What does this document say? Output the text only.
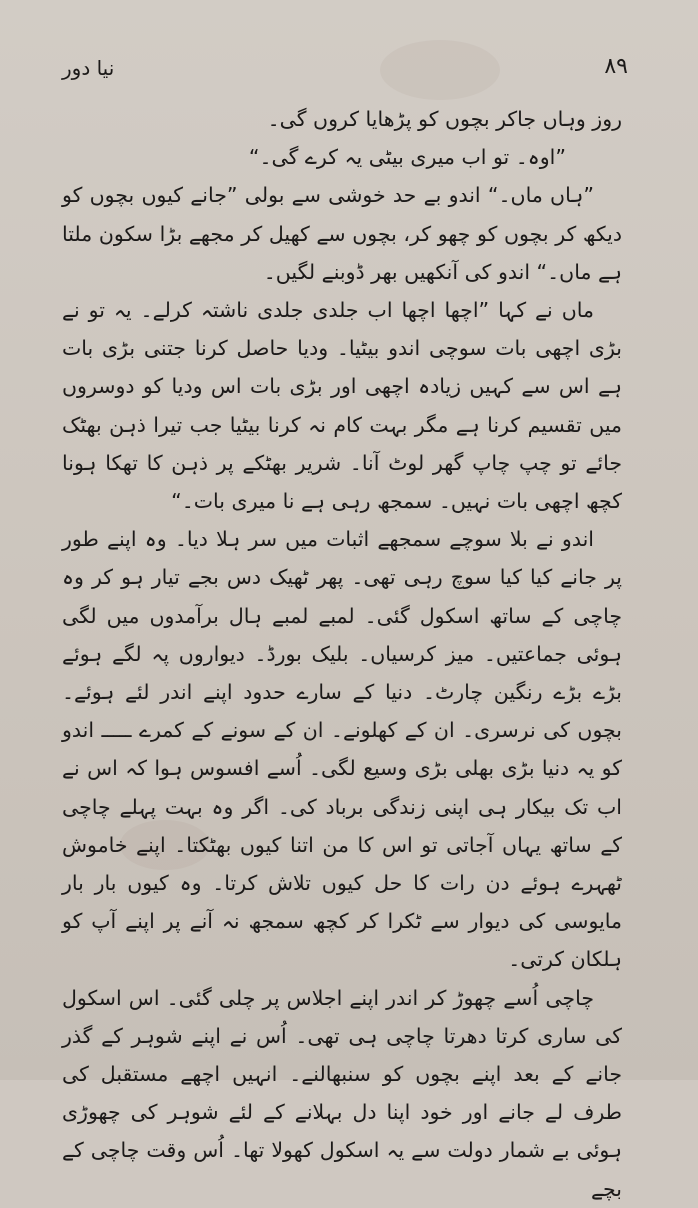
۸۹
نیا دور

روز وہاں جاکر بچوں کو پڑھایا کروں گی۔

”اوہ۔ تو اب میری بیٹی یہ کرے گی۔“

”ہاں ماں۔“ اندو بے حد خوشی سے بولی ”جانے کیوں بچوں کو دیکھ کر بچوں کو چھو کر، بچوں سے کھیل کر مجھے بڑا سکون ملتا ہے ماں۔“ اندو کی آنکھیں بھر ڈوبنے لگیں۔

ماں نے کہا ”اچھا اچھا اب جلدی جلدی ناشتہ کرلے۔ یہ تو نے بڑی اچھی بات سوچی اندو بیٹیا۔ ودیا حاصل کرنا جتنی بڑی بات ہے اس سے کہیں زیادہ اچھی اور بڑی بات اس ودیا کو دوسروں میں تقسیم کرنا ہے مگر بہت کام نہ کرنا بیٹیا جب تیرا ذہن بھٹک جائے تو چپ چاپ گھر لوٹ آنا۔ شریر بھٹکے پر ذہن کا تھکا ہونا کچھ اچھی بات نہیں۔ سمجھ رہی ہے نا میری بات۔“

اندو نے بلا سوچے سمجھے اثبات میں سر ہلا دیا۔ وہ اپنے طور پر جانے کیا کیا سوچ رہی تھی۔ پھر ٹھیک دس بجے تیار ہو کر وہ چاچی کے ساتھ اسکول گئی۔ لمبے لمبے ہال برآمدوں میں لگی ہوئی جماعتیں۔ میز کرسیاں۔ بلیک بورڈ۔ دیواروں پہ لگے ہوئے بڑے بڑے رنگین چارٹ۔ دنیا کے سارے حدود اپنے اندر لئے ہوئے۔ بچوں کی نرسری۔ ان کے کھلونے۔ ان کے سونے کے کمرے ـــــ اندو کو یہ دنیا بڑی بھلی بڑی وسیع لگی۔ اُسے افسوس ہوا کہ اس نے اب تک بیکار ہی اپنی زندگی برباد کی۔ اگر وہ بہت پہلے چاچی کے ساتھ یہاں آجاتی تو اس کا من اتنا کیوں بھٹکتا۔ اپنے خاموش ٹھہرے ہوئے دن رات کا حل کیوں تلاش کرتا۔ وہ کیوں بار بار مایوسی کی دیوار سے ٹکرا کر کچھ سمجھ نہ آنے پر اپنے آپ کو ہلکان کرتی۔

چاچی اُسے چھوڑ کر اندر اپنے اجلاس پر چلی گئی۔ اس اسکول کی ساری کرتا دھرتا چاچی ہی تھی۔ اُس نے اپنے شوہر کے گذر جانے کے بعد اپنے بچوں کو سنبھالنے۔ انہیں اچھے مستقبل کی طرف لے جانے اور خود اپنا دل بہلانے کے لئے شوہر کی چھوڑی ہوئی بے شمار دولت سے یہ اسکول کھولا تھا۔ اُس وقت چاچی کے بچے
